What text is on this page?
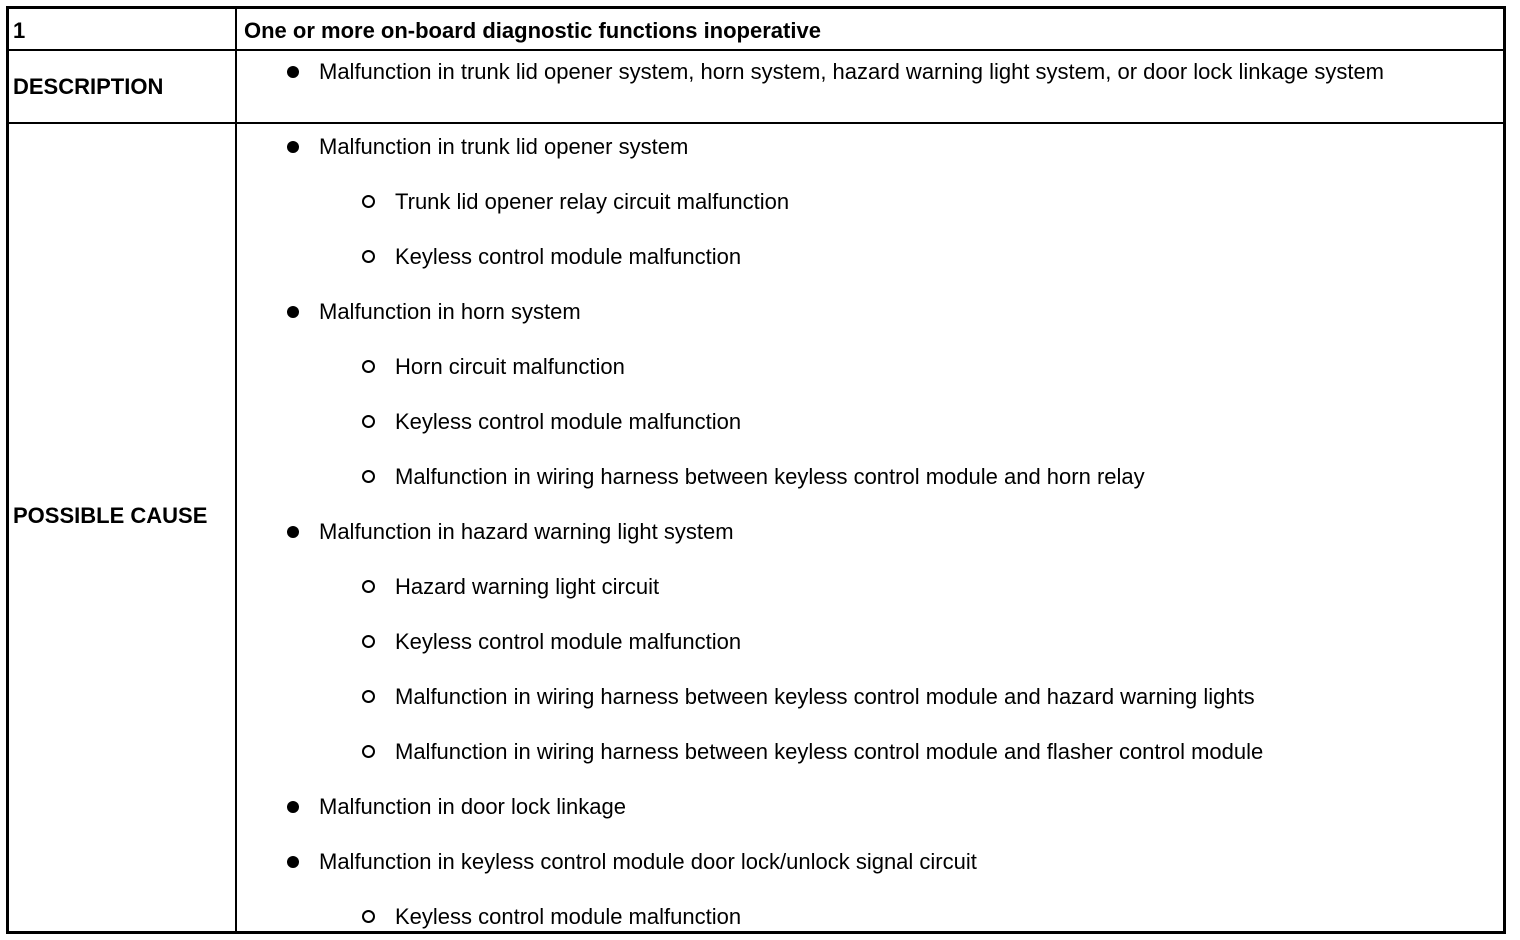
1	One or more on-board diagnostic functions inoperative
DESCRIPTION
Malfunction in trunk lid opener system, horn system, hazard warning light system, or door lock linkage system
POSSIBLE CAUSE
Malfunction in trunk lid opener system
Trunk lid opener relay circuit malfunction
Keyless control module malfunction
Malfunction in horn system
Horn circuit malfunction
Keyless control module malfunction
Malfunction in wiring harness between keyless control module and horn relay
Malfunction in hazard warning light system
Hazard warning light circuit
Keyless control module malfunction
Malfunction in wiring harness between keyless control module and hazard warning lights
Malfunction in wiring harness between keyless control module and flasher control module
Malfunction in door lock linkage
Malfunction in keyless control module door lock/unlock signal circuit
Keyless control module malfunction
